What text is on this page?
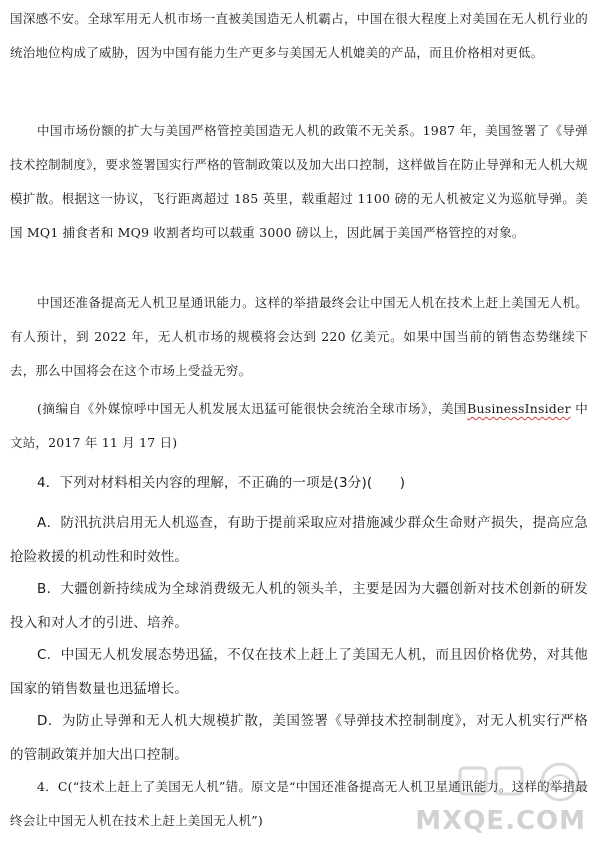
国深感不安。全球军用无人机市场一直被美国造无人机霸占，中国在很大程度上对美国在无人机行业的统治地位构成了威胁，因为中国有能力生产更多与美国无人机媲美的产品，而且价格相对更低。

中国市场份额的扩大与美国严格管控美国造无人机的政策不无关系。1987 年，美国签署了《导弹技术控制制度》，要求签署国实行严格的管制政策以及加大出口控制，这样做旨在防止导弹和无人机大规模扩散。根据这一协议，飞行距离超过 185 英里，载重超过 1100 磅的无人机被定义为巡航导弹。美国 MQ1 捕食者和 MQ9 收割者均可以载重 3000 磅以上，因此属于美国严格管控的对象。

中国还准备提高无人机卫星通讯能力。这样的举措最终会让中国无人机在技术上赶上美国无人机。有人预计，到 2022 年，无人机市场的规模将会达到 220 亿美元。如果中国当前的销售态势继续下去，那么中国将会在这个市场上受益无穷。

(摘编自《外媒惊呼中国无人机发展太迅猛可能很快会统治全球市场》，美国BusinessInsider 中文站，2017 年 11 月 17 日)

4．下列对材料相关内容的理解，不正确的一项是(3分)(　　)

A．防汛抗洪启用无人机巡查，有助于提前采取应对措施减少群众生命财产损失，提高应急抢险救援的机动性和时效性。

B．大疆创新持续成为全球消费级无人机的领头羊，主要是因为大疆创新对技术创新的研发投入和对人才的引进、培养。

C．中国无人机发展态势迅猛，不仅在技术上赶上了美国无人机，而且因价格优势，对其他国家的销售数量也迅猛增长。

D．为防止导弹和无人机大规模扩散，美国签署《导弹技术控制制度》，对无人机实行严格的管制政策并加大出口控制。

4．C(“技术上赶上了美国无人机”错。原文是“中国还准备提高无人机卫星通讯能力。这样的举措最终会让中国无人机在技术上赶上美国无人机”)	MXQE.COM
